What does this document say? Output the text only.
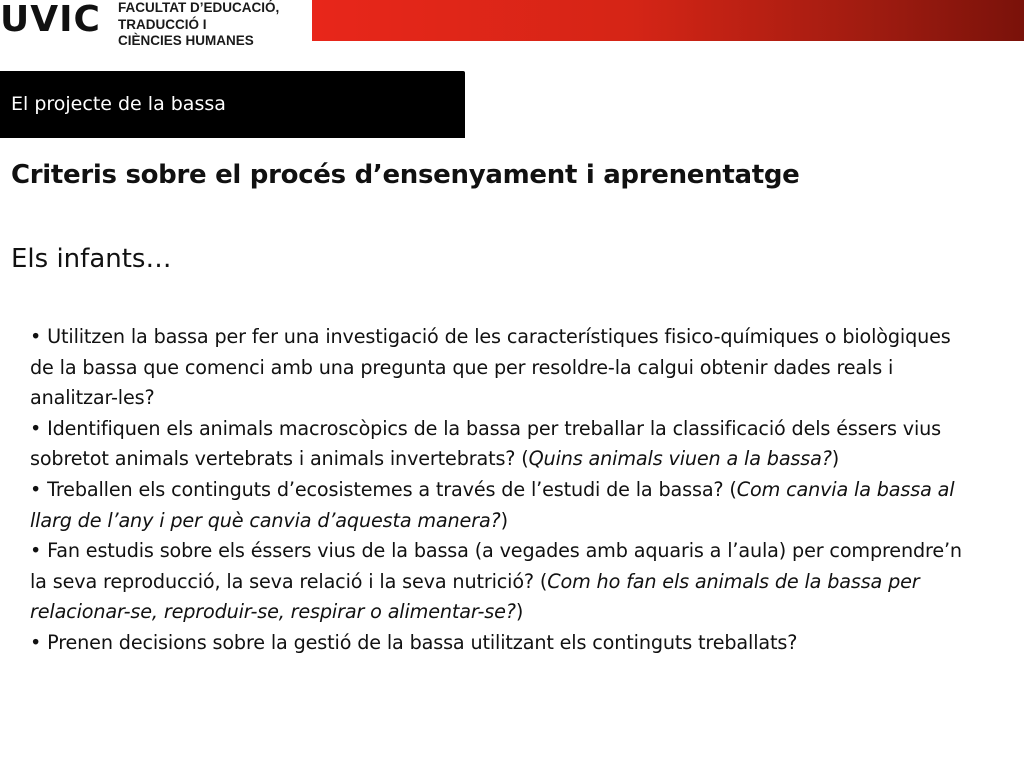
UVIC FACULTAT D’EDUCACIÓ,
TRADUCCIÓ I
CIÈNCIES HUMANES
El projecte de la bassa
Criteris sobre el procés d’ensenyament i aprenentatge
Els infants…

• Utilitzen la bassa per fer una investigació de les característiques fisico-químiques o biològiques de la bassa que comenci amb una pregunta que per resoldre-la calgui obtenir dades reals i analitzar-les?

• Identifiquen els animals macroscòpics de la bassa per treballar la classificació dels éssers vius sobretot animals vertebrats i animals invertebrats? (Quins animals viuen a la bassa?)

• Treballen els continguts d’ecosistemes a través de l’estudi de la bassa? (Com canvia la bassa al llarg de l’any i per què canvia d’aquesta manera?)

• Fan estudis sobre els éssers vius de la bassa (a vegades amb aquaris a l’aula) per comprendre’n la seva reproducció, la seva relació i la seva nutrició? (Com ho fan els animals de la bassa per relacionar-se, reproduir-se, respirar o alimentar-se?)

• Prenen decisions sobre la gestió de la bassa utilitzant els continguts treballats?
